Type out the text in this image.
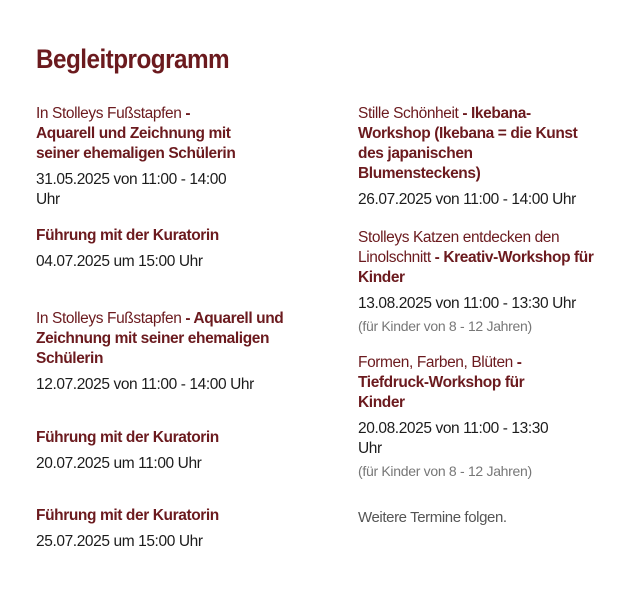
Begleitprogramm

In Stolleys Fußstapfen - Aquarell und Zeichnung mit seiner ehemaligen Schülerin

31.05.2025 von 11:00 - 14:00 Uhr

Führung mit der Kuratorin

04.07.2025 um 15:00 Uhr

In Stolleys Fußstapfen - Aquarell und Zeichnung mit seiner ehemaligen Schülerin

12.07.2025 von 11:00 - 14:00 Uhr

Führung mit der Kuratorin

20.07.2025 um 11:00 Uhr

Führung mit der Kuratorin

25.07.2025 um 15:00 Uhr

Stille Schönheit - Ikebana-Workshop (Ikebana = die Kunst des japanischen Blumensteckens)

26.07.2025 von 11:00 - 14:00 Uhr

Stolleys Katzen entdecken den Linolschnitt - Kreativ-Workshop für Kinder

13.08.2025 von 11:00 - 13:30 Uhr
(für Kinder von 8 - 12 Jahren)

Formen, Farben, Blüten - Tiefdruck-Workshop für Kinder

20.08.2025 von 11:00 - 13:30 Uhr
(für Kinder von 8 - 12 Jahren)
Weitere Termine folgen.
